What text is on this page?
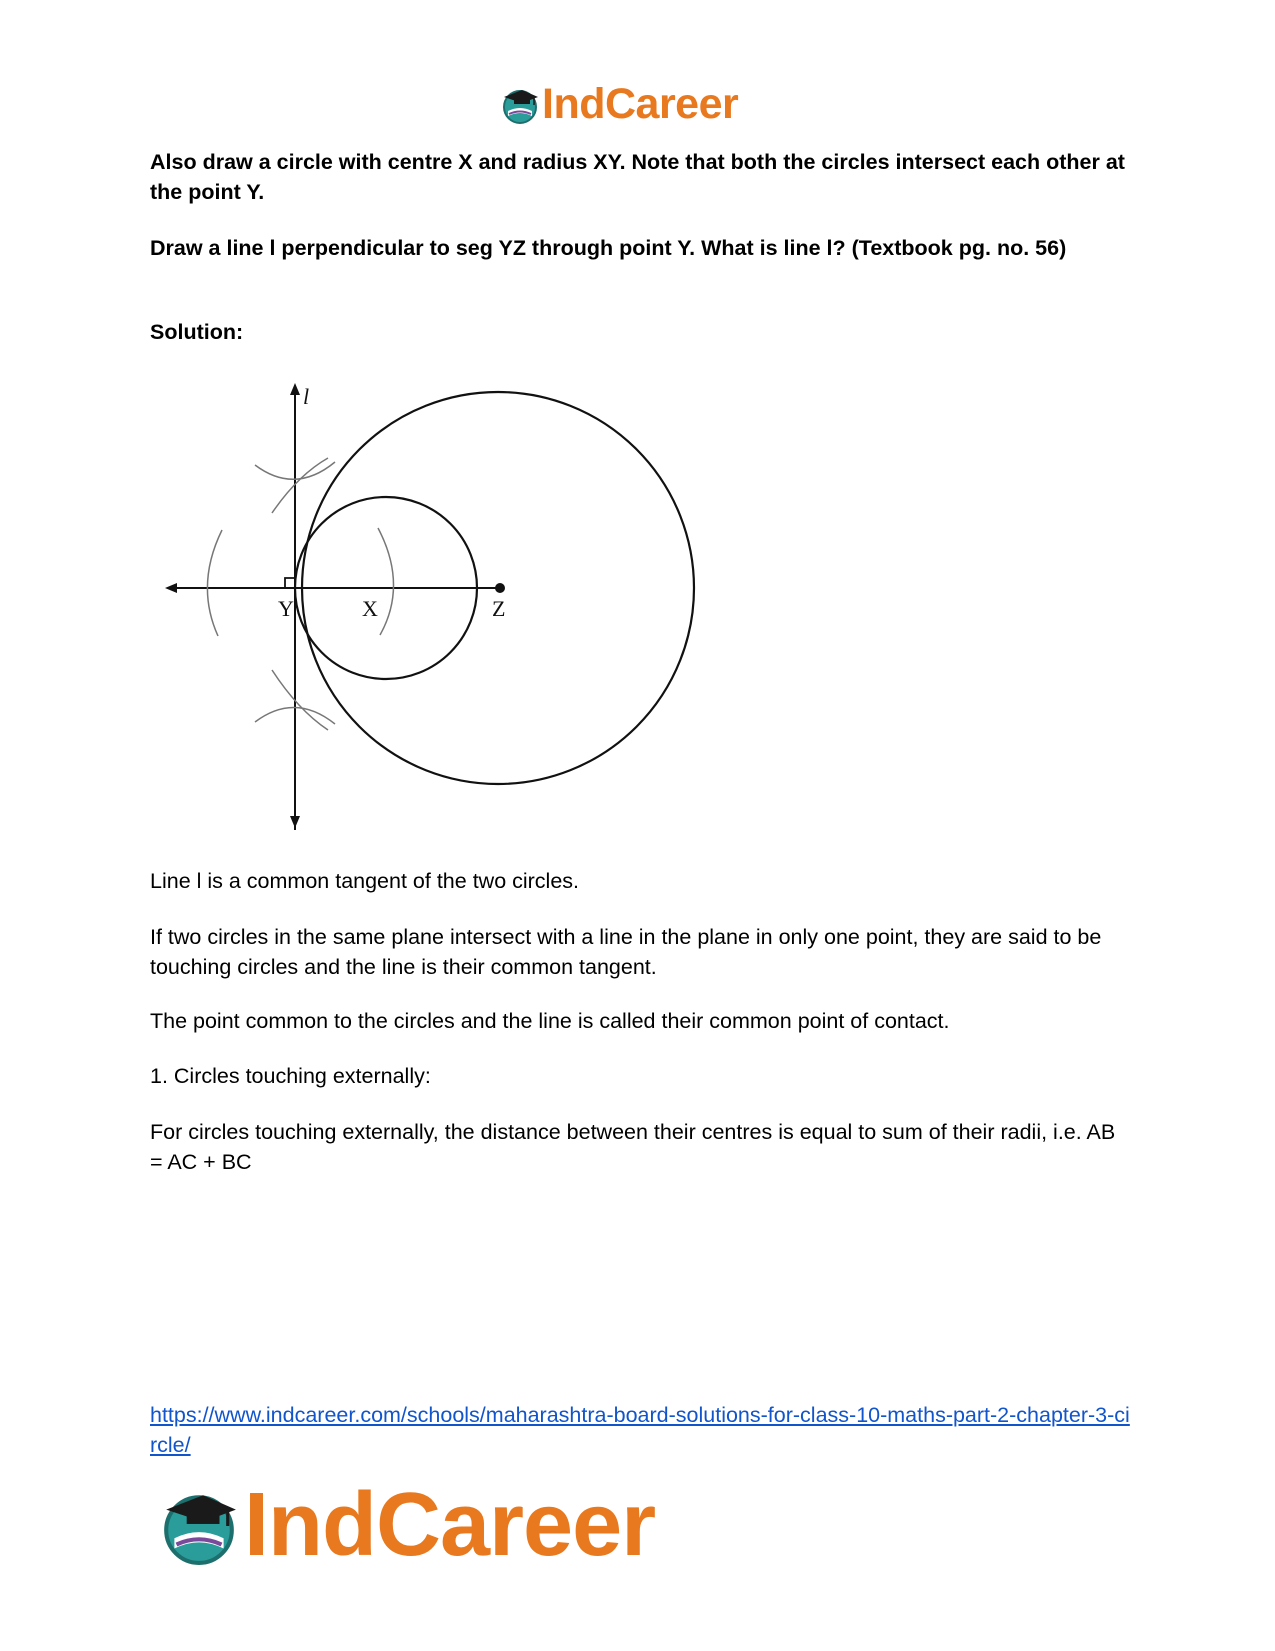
IndCareer

Also draw a circle with centre X and radius XY. Note that both the circles intersect each other at the point Y.

Draw a line l perpendicular to seg YZ through point Y. What is line l? (Textbook pg. no. 56)

Solution:

l
Y	X	Z

Line l is a common tangent of the two circles.

If two circles in the same plane intersect with a line in the plane in only one point, they are said to be touching circles and the line is their common tangent.

The point common to the circles and the line is called their common point of contact.

1. Circles touching externally:

For circles touching externally, the distance between their centres is equal to sum of their radii, i.e. AB = AC + BC

https://www.indcareer.com/schools/maharashtra-board-solutions-for-class-10-maths-part-2-chapter-3-circle/

IndCareer
